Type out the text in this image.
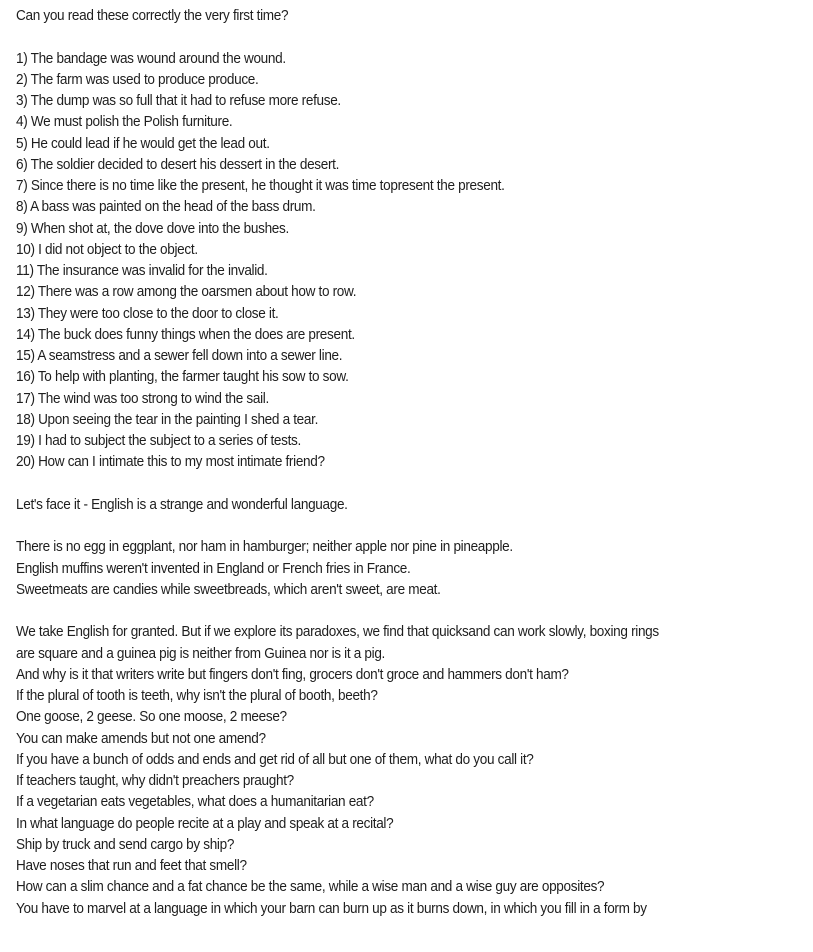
Can you read these correctly the very first time?
1) The bandage was wound around the wound.
2) The farm was used to produce produce.
3) The dump was so full that it had to refuse more refuse.
4) We must polish the Polish furniture.
5) He could lead if he would get the lead out.
6) The soldier decided to desert his dessert in the desert.
7) Since there is no time like the present, he thought it was time topresent the present.
8) A bass was painted on the head of the bass drum.
9) When shot at, the dove dove into the bushes.
10) I did not object to the object.
11) The insurance was invalid for the invalid.
12) There was a row among the oarsmen about how to row.
13) They were too close to the door to close it.
14) The buck does funny things when the does are present.
15) A seamstress and a sewer fell down into a sewer line.
16) To help with planting, the farmer taught his sow to sow.
17) The wind was too strong to wind the sail.
18) Upon seeing the tear in the painting I shed a tear.
19) I had to subject the subject to a series of tests.
20) How can I intimate this to my most intimate friend?
Let's face it - English is a strange and wonderful language.
There is no egg in eggplant, nor ham in hamburger; neither apple nor pine in pineapple.
English muffins weren't invented in England or French fries in France.
Sweetmeats are candies while sweetbreads, which aren't sweet, are meat.
We take English for granted. But if we explore its paradoxes, we find that quicksand can work slowly, boxing rings
are square and a guinea pig is neither from Guinea nor is it a pig.
And why is it that writers write but fingers don't fing, grocers don't groce and hammers don't ham?
If the plural of tooth is teeth, why isn't the plural of booth, beeth?
One goose, 2 geese. So one moose, 2 meese?
You can make amends but not one amend?
If you have a bunch of odds and ends and get rid of all but one of them, what do you call it?
If teachers taught, why didn't preachers praught?
If a vegetarian eats vegetables, what does a humanitarian eat?
In what language do people recite at a play and speak at a recital?
Ship by truck and send cargo by ship?
Have noses that run and feet that smell?
How can a slim chance and a fat chance be the same, while a wise man and a wise guy are opposites?
You have to marvel at a language in which your barn can burn up as it burns down, in which you fill in a form by
